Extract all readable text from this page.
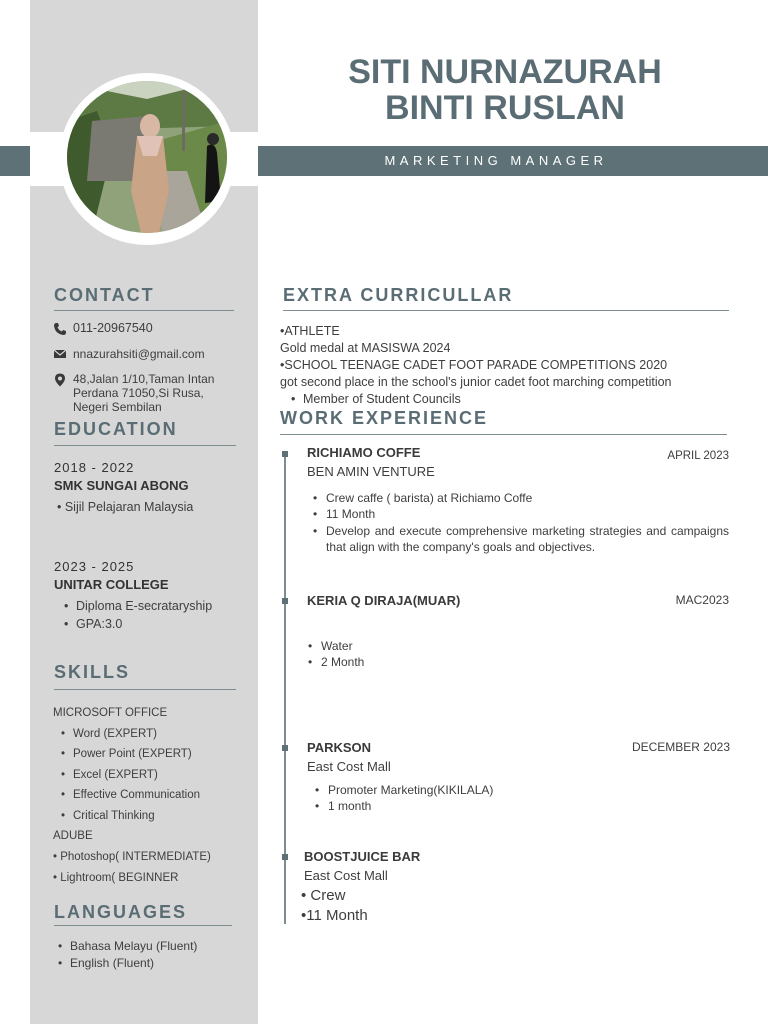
MARKETING MANAGER
SITI NURNAZURAH
BINTI RUSLAN
CONTACT
011-20967540
nnazurahsiti@gmail.com
48,Jalan 1/10,Taman Intan
Perdana 71050,Si Rusa,
Negeri Sembilan
EDUCATION
2018 - 2022
SMK SUNGAI ABONG
• Sijil Pelajaran Malaysia
2023 - 2025
UNITAR COLLEGE
• Diploma E-secrataryship
• GPA:3.0
SKILLS
MICROSOFT OFFICE
• Word (EXPERT)
• Power Point (EXPERT)
• Excel (EXPERT)
• Effective Communication
• Critical Thinking
ADUBE
• Photoshop( INTERMEDIATE)
• Lightroom( BEGINNER
LANGUAGES
• Bahasa Melayu (Fluent)
• English (Fluent)
EXTRA CURRICULLAR
•ATHLETE
Gold medal at MASISWA 2024
•SCHOOL TEENAGE CADET FOOT PARADE COMPETITIONS 2020
got second place in the school's junior cadet foot marching competition
• Member of Student Councils
WORK EXPERIENCE
RICHIAMO COFFE	APRIL 2023
BEN AMIN VENTURE
• Crew caffe ( barista) at Richiamo Coffe
• 11 Month
• Develop and execute comprehensive marketing strategies and campaigns that align with the company's goals and objectives.
KERIA Q DIRAJA(MUAR)	MAC2023
• Water
• 2 Month
PARKSON	DECEMBER 2023
East Cost Mall
• Promoter Marketing(KIKILALA)
• 1 month
BOOSTJUICE BAR
East Cost Mall
• Crew
•11 Month
